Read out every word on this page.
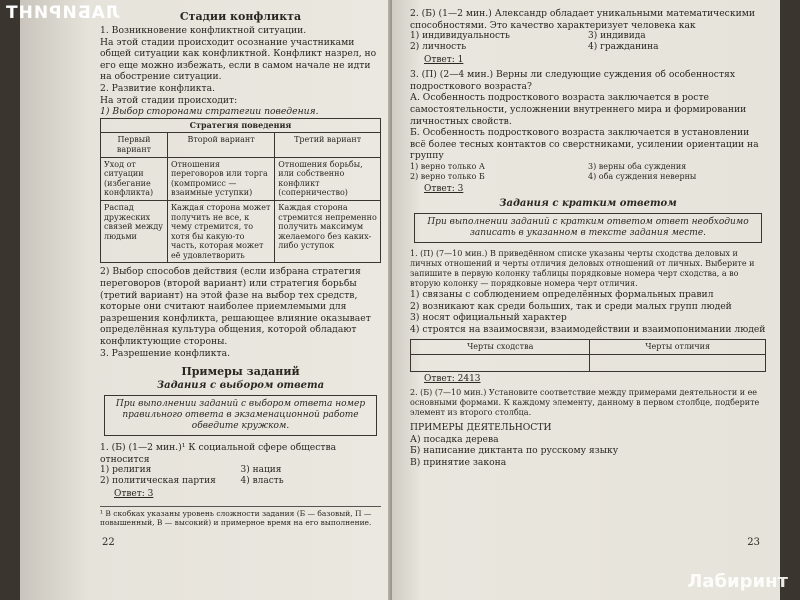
Стадии конфликта

1. Возникновение конфликтной ситуации.

На этой стадии происходит осознание участниками общей ситуации как конфликтной. Конфликт назрел, но его еще можно избежать, если в самом начале не идти на обострение ситуации.

2. Развитие конфликта.

На этой стадии происходит:

1) Выбор сторонами стратегии поведения.

Стратегия поведения		
Первый вариант	Второй вариант	Третий вариант
Уход от ситуации (избегание конфликта)	Отношения переговоров или торга (компромисс — взаимные уступки)	Отношения борьбы, или собственно конфликт (соперничество)
Распад дружеских связей между людьми	Каждая сторона может получить не все, к чему стремится, то хотя бы какую-то часть, которая может её удовлетворить	Каждая сторона стремится непременно получить максимум желаемого без каких-либо уступок

2) Выбор способов действия (если избрана стратегия переговоров (второй вариант) или стратегия борьбы (третий вариант) на этой фазе на выбор тех средств, которые они считают наиболее приемлемыми для разрешения конфликта, решающее влияние оказывает определённая культура общения, которой обладают конфликтующие стороны.

3. Разрешение конфликта.

Примеры заданий
Задания с выбором ответа
При выполнении заданий с выбором ответа номер правильного ответа в экзаменационной работе обведите кружком.

1. (Б) (1—2 мин.)¹ К социальной сфере общества относится

1) религия	3) нация
2) политическая партия	4) власть
Ответ: 3
¹ В скобках указаны уровень сложности задания (Б — базовый, П — повышенный, В — высокий) и примерное время на его выполнение.
22

2. (Б) (1—2 мин.) Александр обладает уникальными математическими способностями. Это качество характеризует человека как

1) индивидуальность	3) индивида
2) личность	4) гражданина
Ответ: 1

3. (П) (2—4 мин.) Верны ли следующие суждения об особенностях подросткового возраста?

А. Особенность подросткового возраста заключается в росте самостоятельности, усложнении внутреннего мира и формировании личностных свойств.

Б. Особенность подросткового возраста заключается в установлении всё более тесных контактов со сверстниками, усилении ориентации на группу

1) верно только А	3) верны оба суждения
2) верно только Б	4) оба суждения неверны
Ответ: 3
Задания с кратким ответом
При выполнении заданий с кратким ответом ответ необходимо записать в указанном в тексте задания месте.

1. (П) (7—10 мин.) В приведённом списке указаны черты сходства деловых и личных отношений и черты отличия деловых отношений от личных. Выберите и запишите в первую колонку таблицы порядковые номера черт сходства, а во вторую колонку — порядковые номера черт отличия.

1) связаны с соблюдением определённых формальных правил

2) возникают как среди больших, так и среди малых групп людей

3) носят официальный характер

4) строятся на взаимосвязи, взаимодействии и взаимопонимании людей

Черты сходства	Черты отличия

Ответ: 2413

2. (Б) (7—10 мин.) Установите соответствие между примерами деятельности и ее основными формами. К каждому элементу, данному в первом столбце, подберите элемент из второго столбца.

ПРИМЕРЫ ДЕЯТЕЛЬНОСТИ

А) посадка дерева

Б) написание диктанта по русскому языку

В) принятие закона

23
ЛАБИРИНТ
Лабиринт
